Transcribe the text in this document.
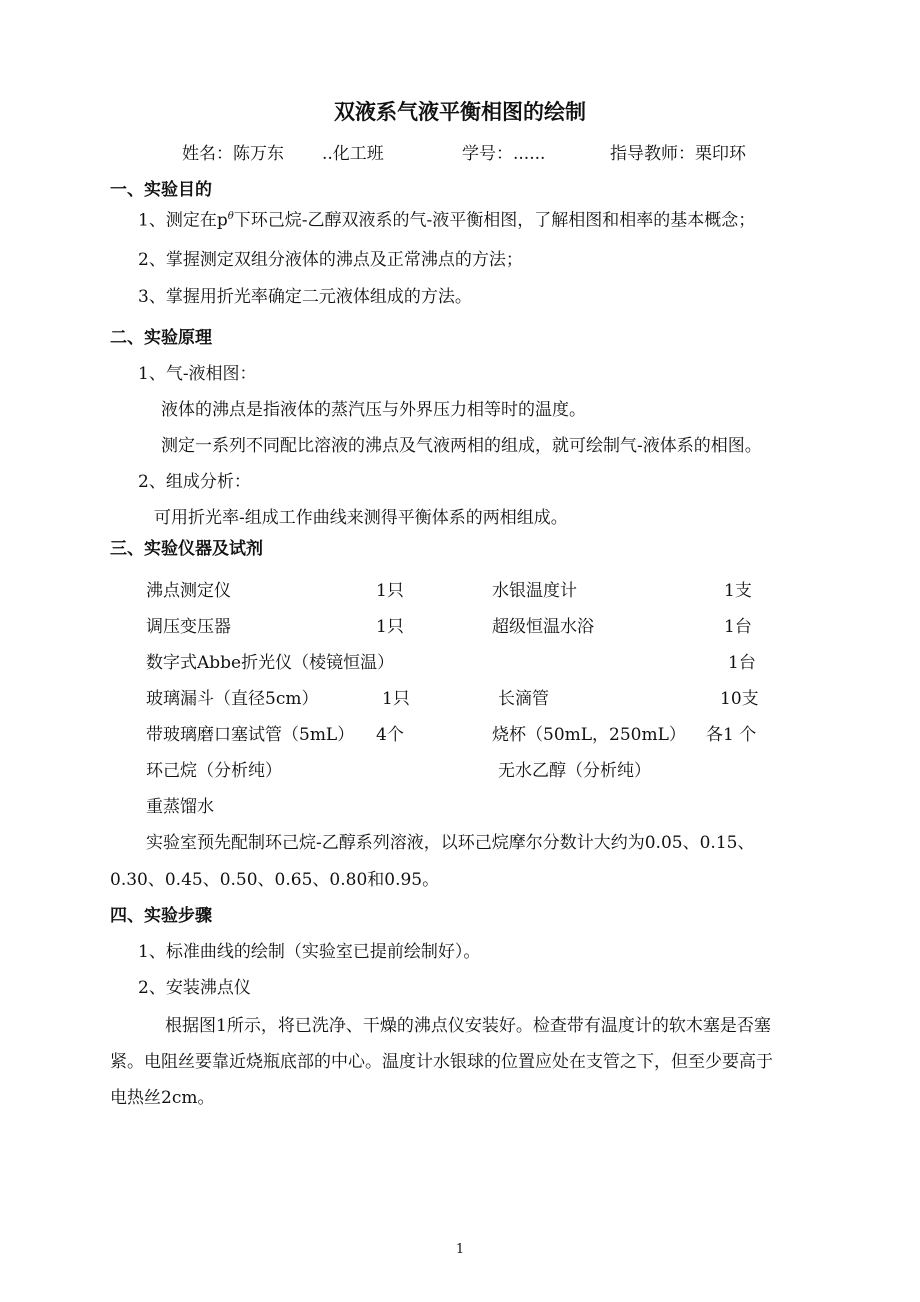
双液系气液平衡相图的绘制
姓名：陈万东 ..化工班	学号：......	指导教师：栗印环
一、实验目的
1、测定在$p^\theta$下环己烷-乙醇双液系的气-液平衡相图，了解相图和相率的基本概念；
2、掌握测定双组分液体的沸点及正常沸点的方法；
3、掌握用折光率确定二元液体组成的方法。
二、实验原理
1、气-液相图：
液体的沸点是指液体的蒸汽压与外界压力相等时的温度。
测定一系列不同配比溶液的沸点及气液两相的组成，就可绘制气-液体系的相图。
2、组成分析：
可用折光率-组成工作曲线来测得平衡体系的两相组成。
三、实验仪器及试剂
沸点测定仪	1只	水银温度计	1支
调压变压器	1只	超级恒温水浴	1台
数字式Abbe折光仪（棱镜恒温）	1台
玻璃漏斗（直径5cm）	1只	长滴管	10支
带玻璃磨口塞试管（5mL） 4个	烧杯（50mL，250mL） 各1 个
环己烷（分析纯）	无水乙醇（分析纯）
重蒸馏水
实验室预先配制环己烷-乙醇系列溶液，以环己烷摩尔分数计大约为0.05、0.15、
0.30、0.45、0.50、0.65、0.80和0.95。
四、实验步骤
1、标准曲线的绘制（实验室已提前绘制好）。
2、安装沸点仪
根据图1所示，将已洗净、干燥的沸点仪安装好。检查带有温度计的软木塞是否塞
紧。电阻丝要靠近烧瓶底部的中心。温度计水银球的位置应处在支管之下，但至少要高于
电热丝2cm。
1
